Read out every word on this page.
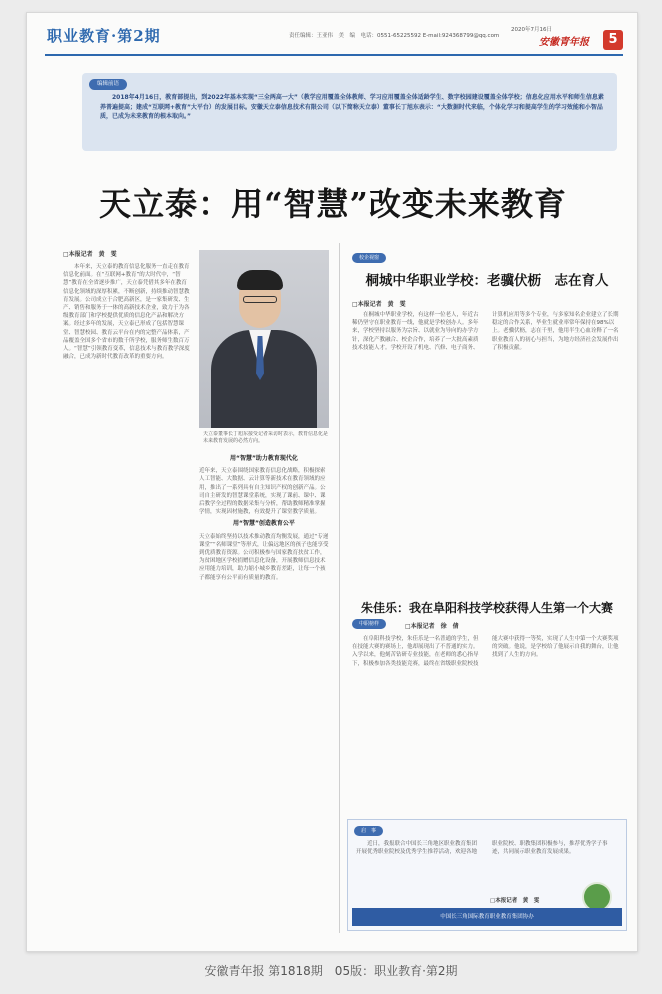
职业教育·第2期	责任编辑：王亚伟　美　编　电话：0551-65225592 E-mail:924368799@qq.com
2020年7月16日
安徽青年报	5
编辑前语
2018年4月16日，教育部提出，到2022年基本实现“三全两高一大”（教学应用覆盖全体教师、学习应用覆盖全体适龄学生、数字校园建设覆盖全体学校；信息化应用水平和师生信息素养普遍提高；建成“互联网+教育”大平台）的发展目标。安徽天立泰信息技术有限公司（以下简称天立泰）董事长丁旭东表示：“大数据时代来临，个体化学习和提高学生的学习效能和小智品质，已成为未来教育的根本取向。”
天立泰：用“智慧”改变未来教育
□本报记者　黄　雯
本年来，天立泰的教育信息化服务一直走在教育信息化前面。在“互联网+教育”的大时代中，“智慧”教育在全省逐步推广，天立泰凭借其多年在教育信息化领域的深厚积累，不断创新，持续推动智慧教育发展。公司成立于合肥高新区，是一家集研发、生产、销售和服务于一体的高新技术企业，致力于为各级教育部门和学校提供优质的信息化产品和解决方案。经过多年的发展，天立泰已形成了包括智慧课堂、智慧校园、教育云平台在内的完整产品体系，产品覆盖全国多个省市的数千所学校，服务师生数百万人。“智慧”引领教育变革，信息技术与教育教学深度融合，已成为新时代教育改革的重要方向。
天立泰董事长丁旭东接受记者采访时表示，教育信息化是未来教育发展的必然方向。
用“智慧”助力教育现代化
近年来，天立泰围绕国家教育信息化战略，积极探索人工智能、大数据、云计算等新技术在教育领域的应用，推出了一系列具有自主知识产权的创新产品。公司自主研发的智慧课堂系统，实现了课前、课中、课后教学全过程的数据采集与分析，帮助教师精准掌握学情，实现因材施教，有效提升了课堂教学质量。
用“智慧”创造教育公平
天立泰始终坚持以技术推动教育均衡发展，通过“专递课堂”“名师课堂”等形式，让偏远地区的孩子也能享受到优质教育资源。公司积极参与国家教育扶贫工作，为贫困地区学校捐赠信息化设备，开展教师信息技术应用能力培训，助力缩小城乡教育差距，让每一个孩子都能享有公平而有质量的教育。
校企视窗
桐城中华职业学校：老骥伏枥　志在育人
□本报记者　黄　雯
在桐城中华职业学校，有这样一位老人，年近古稀仍坚守在职业教育一线，他就是学校创办人。多年来，学校坚持以服务为宗旨、以就业为导向的办学方针，深化产教融合、校企合作，培养了一大批高素质技术技能人才。学校开设了机电、汽修、电子商务、计算机应用等多个专业，与多家知名企业建立了长期稳定的合作关系，毕业生就业率常年保持在98%以上。老骥伏枥，志在千里，他用半生心血诠释了一名职业教育人的初心与担当，为地方经济社会发展作出了积极贡献。
朱佳乐：我在阜阳科技学校获得人生第一个大赛
中职榜样	□本报记者　徐　倩
在阜阳科技学校，朱佳乐是一名普通的学生，但在技能大赛的赛场上，他却展现出了不普通的实力。入学以来，他刻苦钻研专业技能，在老师的悉心指导下，积极参加各类技能竞赛，最终在省级职业院校技能大赛中获得一等奖，实现了人生中第一个大赛奖项的突破。他说，是学校给了他展示自我的舞台，让他找到了人生的方向。
启　事
近日，我报联合中国长三角地区职业教育集团开展优秀职业院校及优秀学生推荐活动，欢迎各地职业院校、职教集团积极参与，推荐优秀学子事迹，共同展示职业教育发展成果。
□本报记者　黄　雯
中国长三角国际教育职业教育集团协办
安徽青年报 第1818期　05版：职业教育·第2期
